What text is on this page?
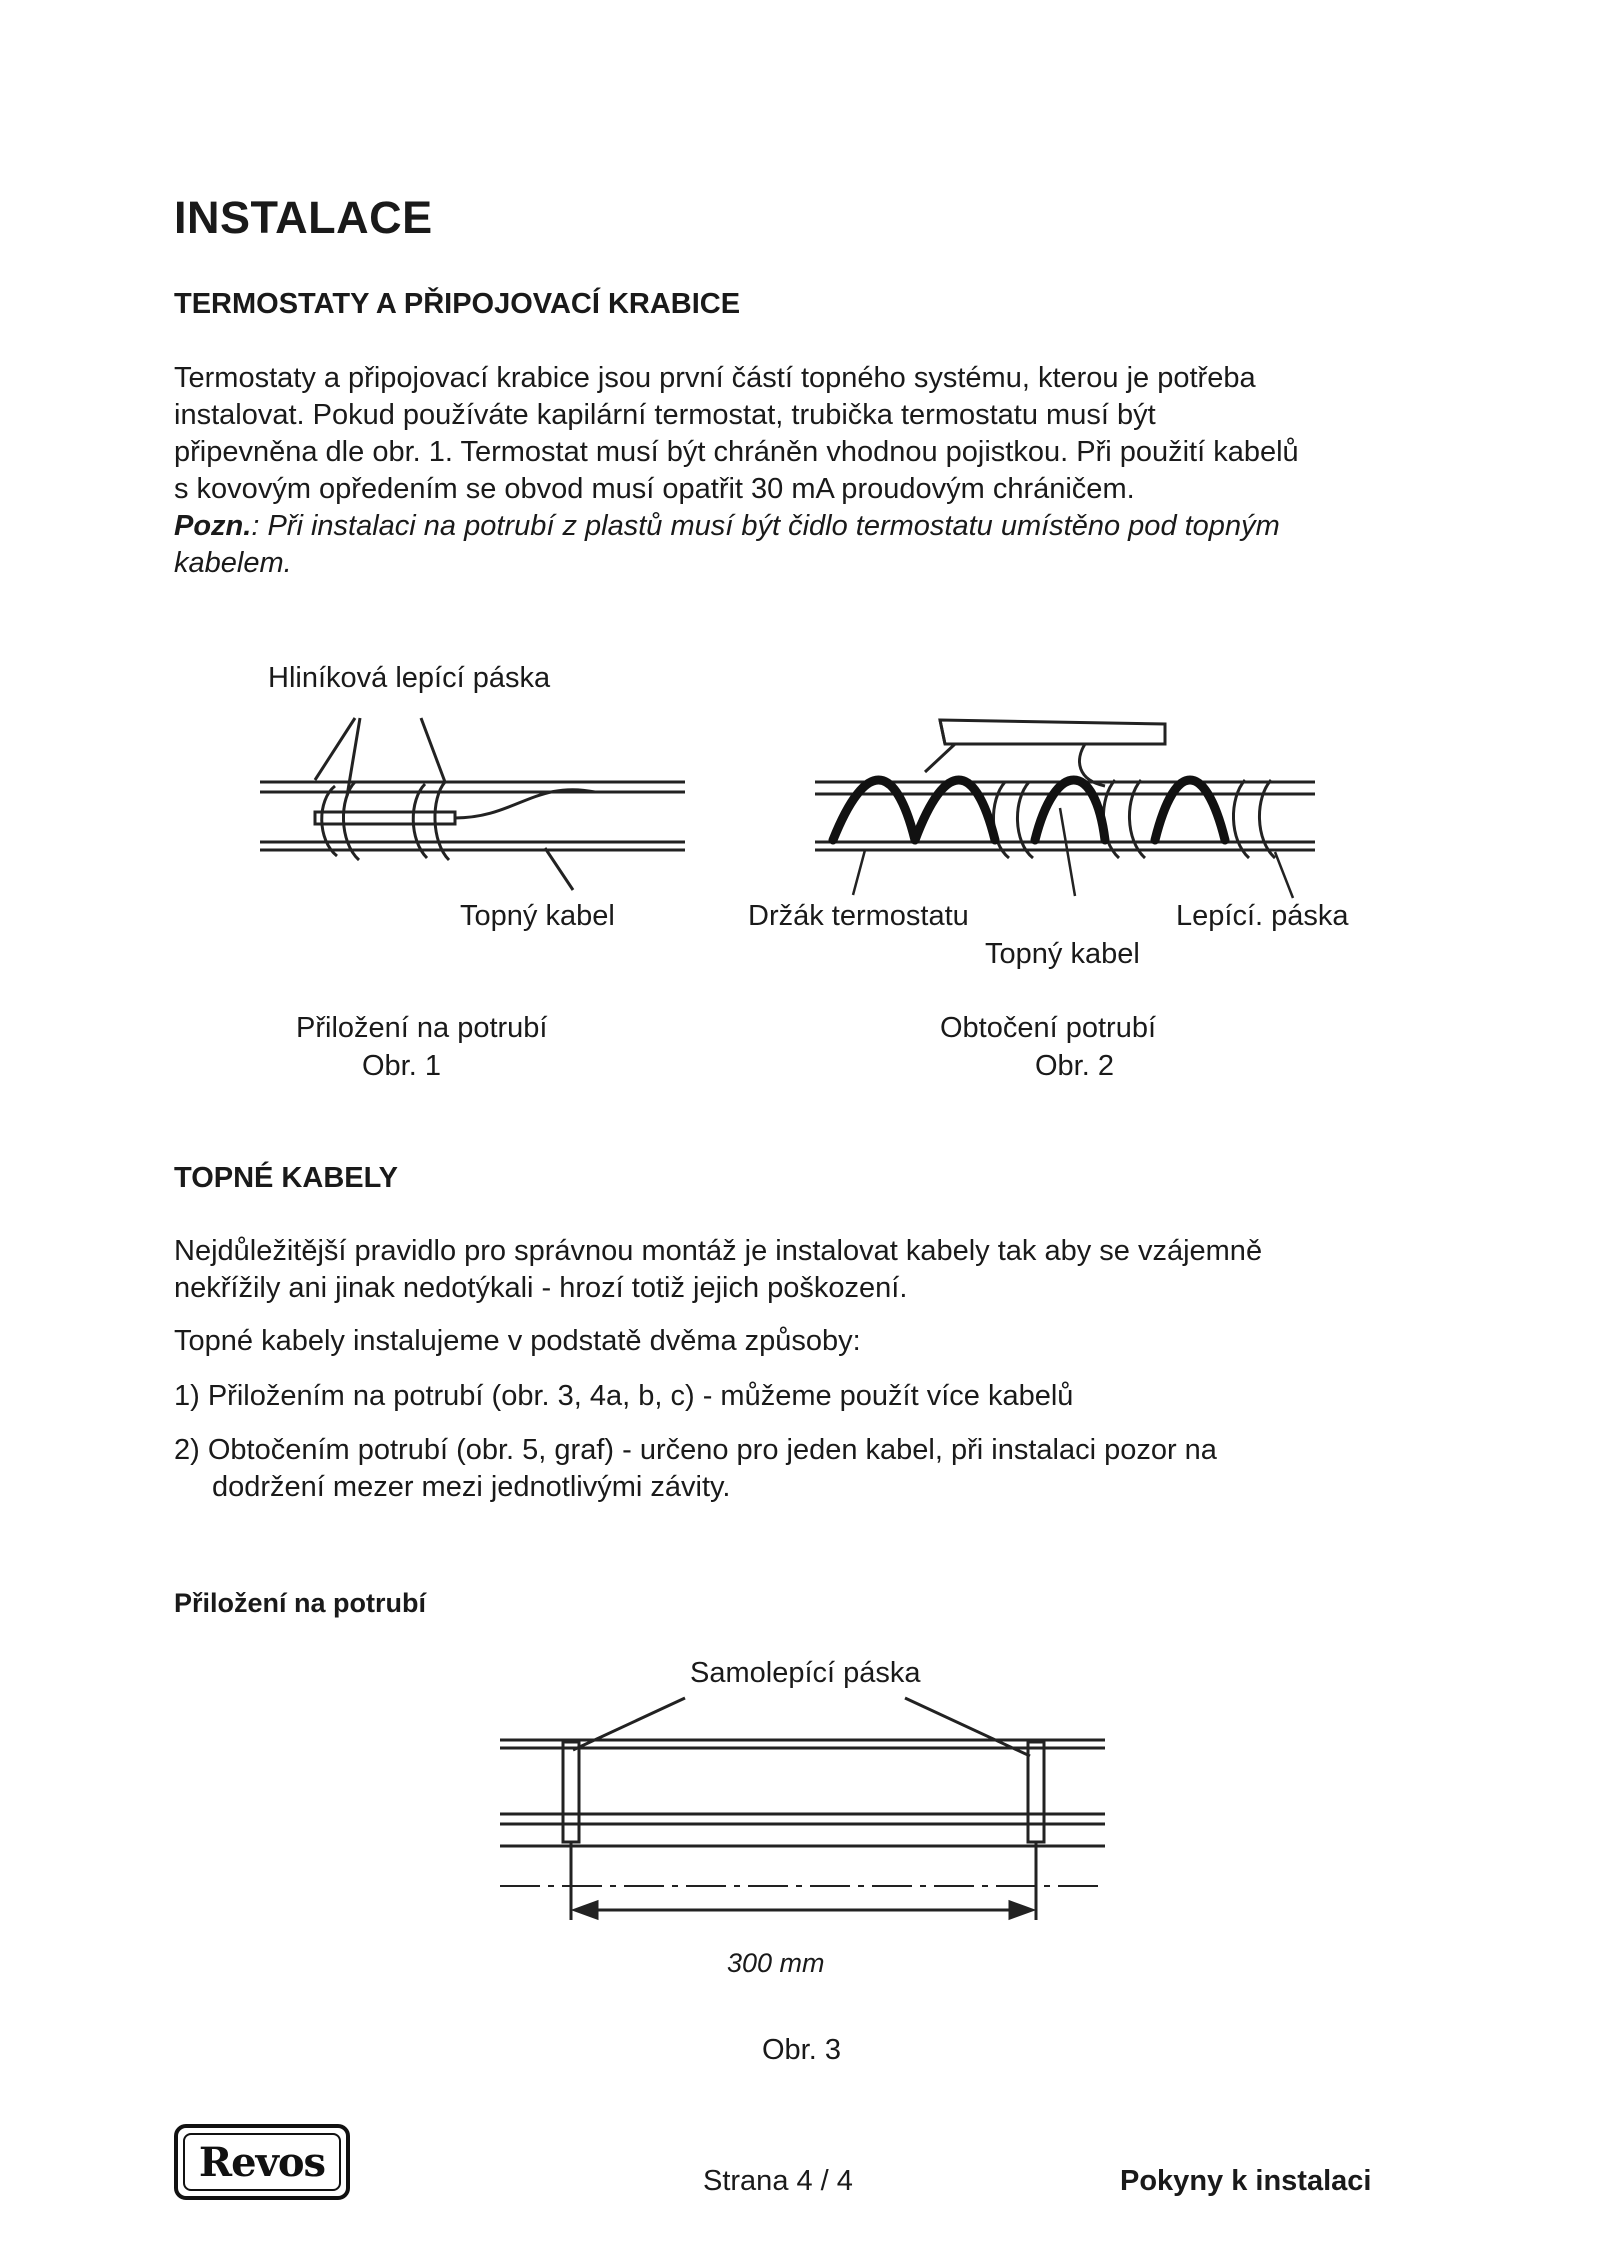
INSTALACE
TERMOSTATY A PŘIPOJOVACÍ KRABICE
Termostaty a připojovací krabice jsou první částí topného systému, kterou je potřeba
instalovat. Pokud používáte kapilární termostat, trubička termostatu musí být
připevněna dle obr. 1. Termostat musí být chráněn vhodnou pojistkou. Při použití kabelů
s kovovým opředením se obvod musí opatřit 30 mA proudovým chráničem.
Pozn.: Při instalaci na potrubí z plastů musí být čidlo termostatu umístěno pod topným
kabelem.
Hliníková lepící páska
Topný kabel
Přiložení na potrubí
Obr. 1
Držák termostatu	Lepící. páska
Topný kabel
Obtočení potrubí
Obr. 2
TOPNÉ KABELY
Nejdůležitější pravidlo pro správnou montáž je instalovat kabely tak aby se vzájemně
nekřížily ani jinak nedotýkali - hrozí totiž jejich poškození.
Topné kabely instalujeme v podstatě dvěma způsoby:
1) Přiložením na potrubí (obr. 3, 4a, b, c) - můžeme použít více kabelů
2) Obtočením potrubí (obr. 5, graf) - určeno pro jeden kabel, při instalaci pozor na
dodržení mezer mezi jednotlivými závity.
Přiložení na potrubí
Samolepící páska
300 mm
Obr. 3
Revos	Strana 4 / 4	Pokyny k instalaci
